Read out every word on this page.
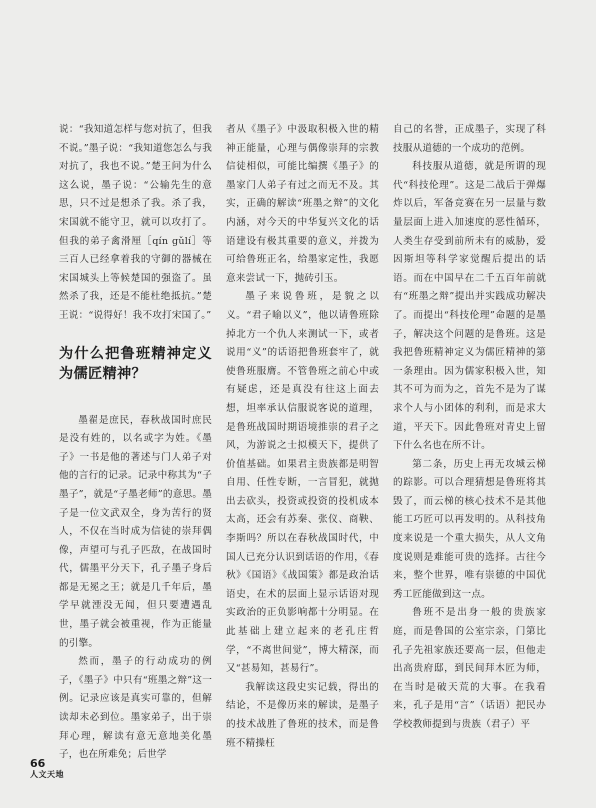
说：“我知道怎样与您对抗了，但我不说。”墨子说：“我知道您怎么与我对抗了，我也不说。”楚王问为什么这么说，墨子说：“公输先生的意思，只不过是想杀了我。杀了我，宋国就不能守卫，就可以攻打了。但我的弟子禽滑厘［qín gǔlí］等三百人已经拿着我的守御的器械在宋国城头上等候楚国的强盗了。虽然杀了我，还是不能杜绝抵抗。”楚王说：“说得好！我不攻打宋国了。”

为什么把鲁班精神定义为儒匠精神？

墨翟是庶民，春秋战国时庶民是没有姓的，以名或字为姓。《墨子》一书是他的著述与门人弟子对他的言行的记录。记录中称其为“子墨子”，就是“子墨老师”的意思。墨子是一位文武双全，身为苦行的贤人，不仅在当时成为信徒的崇拜偶像，声望可与孔子匹敌，在战国时代，儒墨平分天下，孔子墨子身后都是无冕之王；就是几千年后，墨学早就湮没无闻，但只要遭遇乱世，墨子就会被重视，作为正能量的引擎。

然而，墨子的行动成功的例子，《墨子》中只有“班墨之辩”这一例。记录应该是真实可靠的，但解读却未必到位。墨家弟子，出于崇拜心理，解读有意无意地美化墨子，也在所难免；后世学

者从《墨子》中汲取积极入世的精神正能量，心理与偶像崇拜的宗教信徒相似，可能比编撰《墨子》的墨家门人弟子有过之而无不及。其实，正确的解读“班墨之辩”的文化内涵，对今天的中华复兴文化的话语建设有极其重要的意义，并拨为可给鲁班正名，给墨家定性，我愿意来尝试一下，抛砖引玉。

墨子来说鲁班，是貌之以义。“君子喻以义”，他以请鲁班除掉北方一个仇人来测试一下，或者说用“义”的话语把鲁班套牢了，就使鲁班服膺。不管鲁班之前心中或有疑虑，还是真没有往这上面去想，坦率承认信服说客说的道理，是鲁班战国时期语境推崇的君子之风，为游说之士拟模天下，提供了价值基础。如果君主贵族都是明智自用、任性专断，一言冒犯，就抛出去砍头，投资或投资的投机成本太高，还会有苏秦、张仪、商鞅、李斯吗？所以在春秋战国时代，中国人已充分认识到话语的作用，《春秋》《国语》《战国策》都是政治话语史，在术的层面上显示话语对现实政治的正负影响都十分明显。在此基础上建立起来的老孔庄哲学，“不离世间觉”，博大精深，而又“甚易知，甚易行”。

我解读这段史实记载，得出的结论，不是像历来的解读，是墨子的技术战胜了鲁班的技术，而是鲁班不精操枉

自己的名誉，正成墨子，实现了科技服从道德的一个成功的范例。

科技服从道德，就是所谓的现代“科技伦理”。这是二战后于弹爆炸以后，军备竞赛在另一层量与数量层面上进入加速度的恶性循环，人类生存受到前所未有的威胁，爱因斯坦等科学家觉醒后提出的话语。而在中国早在二千五百年前就有“班墨之辩”提出并实践成功解决了。而提出“科技伦理”命题的是墨子，解决这个问题的是鲁班。这是我把鲁班精神定义为儒匠精神的第一条理由。因为儒家积极入世，知其不可为而为之，首先不是为了谋求个人与小团体的利利，而是求大道，平天下。因此鲁班对青史上留下什么名也在所不计。

第二条，历史上再无攻城云梯的踪影。可以合理猜想是鲁班将其毁了，而云梯的核心技术不是其他能工巧匠可以再发明的。从科技角度来说是一个重大损失，从人文角度说则是难能可贵的选择。古往今来，整个世界，唯有崇德的中国优秀工匠能做到这一点。

鲁班不是出身一般的贵族家庭，而是鲁国的公室宗亲，门第比孔子先祖家族还要高一层，但他走出高贵府邸，到民间拜木匠为师，在当时是破天荒的大事。在我看来，孔子是用“言”（话语）把民办学校教师提到与贵族（君子）平

66
人文天地
